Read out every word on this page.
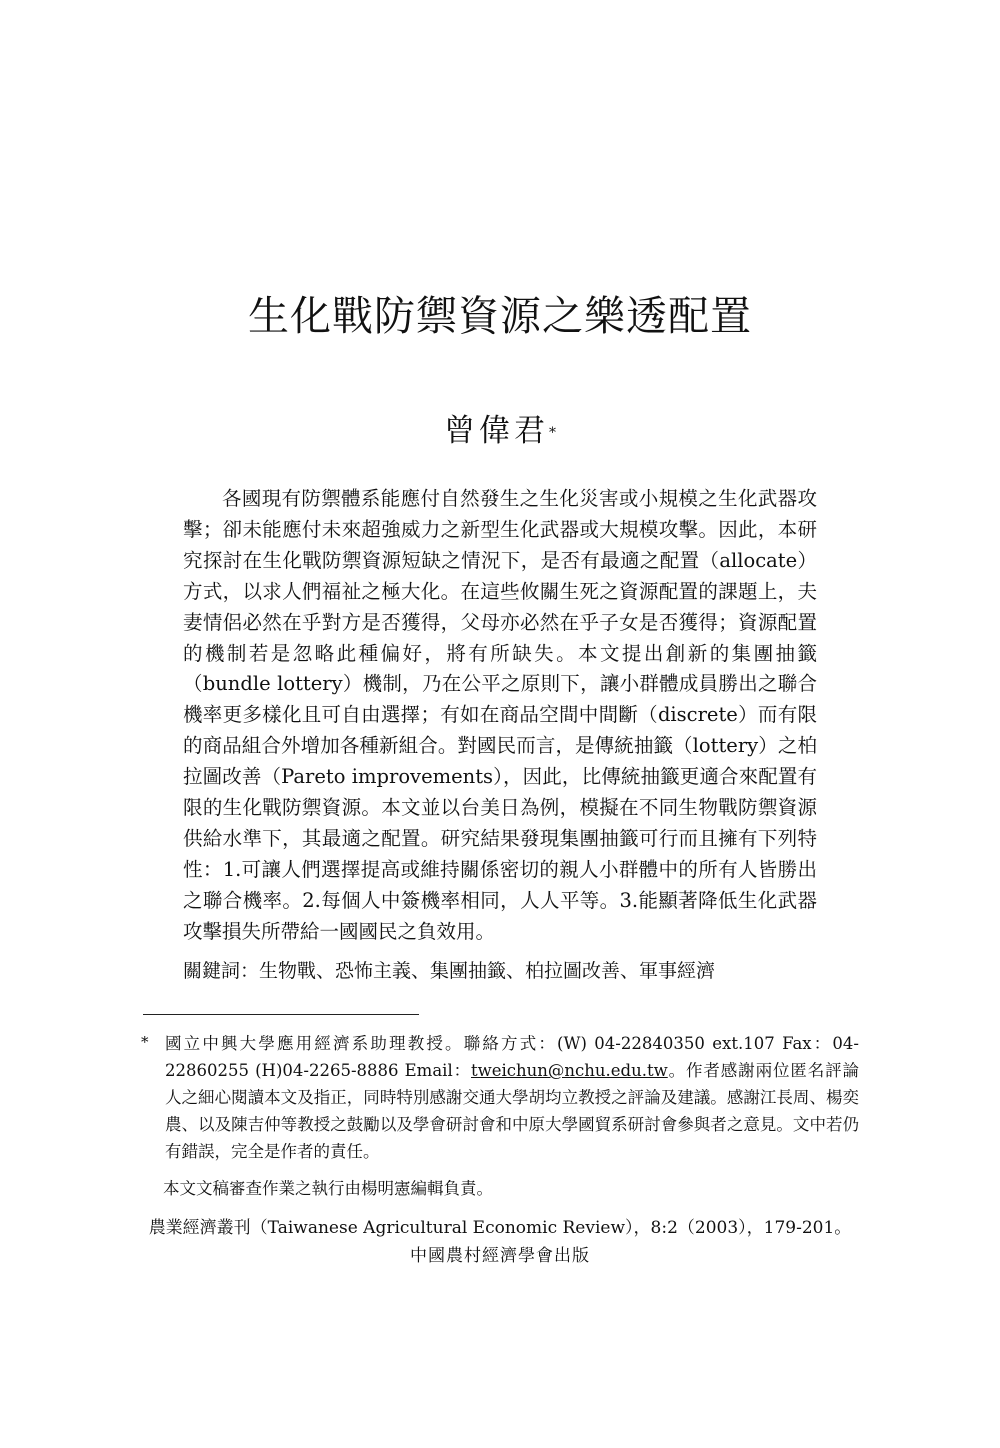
生化戰防禦資源之樂透配置
曾偉君*

各國現有防禦體系能應付自然發生之生化災害或小規模之生化武器攻擊；卻未能應付未來超強威力之新型生化武器或大規模攻擊。因此，本研究探討在生化戰防禦資源短缺之情況下，是否有最適之配置（allocate）方式，以求人們福祉之極大化。在這些攸關生死之資源配置的課題上，夫妻情侶必然在乎對方是否獲得，父母亦必然在乎子女是否獲得；資源配置的機制若是忽略此種偏好，將有所缺失。本文提出創新的集團抽籤（bundle lottery）機制，乃在公平之原則下，讓小群體成員勝出之聯合機率更多樣化且可自由選擇；有如在商品空間中間斷（discrete）而有限的商品組合外增加各種新組合。對國民而言，是傳統抽籤（lottery）之柏拉圖改善（Pareto improvements），因此，比傳統抽籤更適合來配置有限的生化戰防禦資源。本文並以台美日為例，模擬在不同生物戰防禦資源供給水準下，其最適之配置。研究結果發現集團抽籤可行而且擁有下列特性：1.可讓人們選擇提高或維持關係密切的親人小群體中的所有人皆勝出之聯合機率。2.每個人中簽機率相同，人人平等。3.能顯著降低生化武器攻擊損失所帶給一國國民之負效用。

關鍵詞：生物戰、恐怖主義、集團抽籤、柏拉圖改善、軍事經濟

* 國立中興大學應用經濟系助理教授。聯絡方式：(W) 04-22840350 ext.107 Fax：04-22860255 (H)04-2265-8886 Email：tweichun@nchu.edu.tw。作者感謝兩位匿名評論人之細心閱讀本文及指正，同時特別感謝交通大學胡均立教授之評論及建議。感謝江長周、楊奕農、以及陳吉仲等教授之鼓勵以及學會研討會和中原大學國貿系研討會參與者之意見。文中若仍有錯誤，完全是作者的責任。

本文文稿審查作業之執行由楊明憲編輯負責。

農業經濟叢刊（Taiwanese Agricultural Economic Review），8:2（2003），179-201。
中國農村經濟學會出版
